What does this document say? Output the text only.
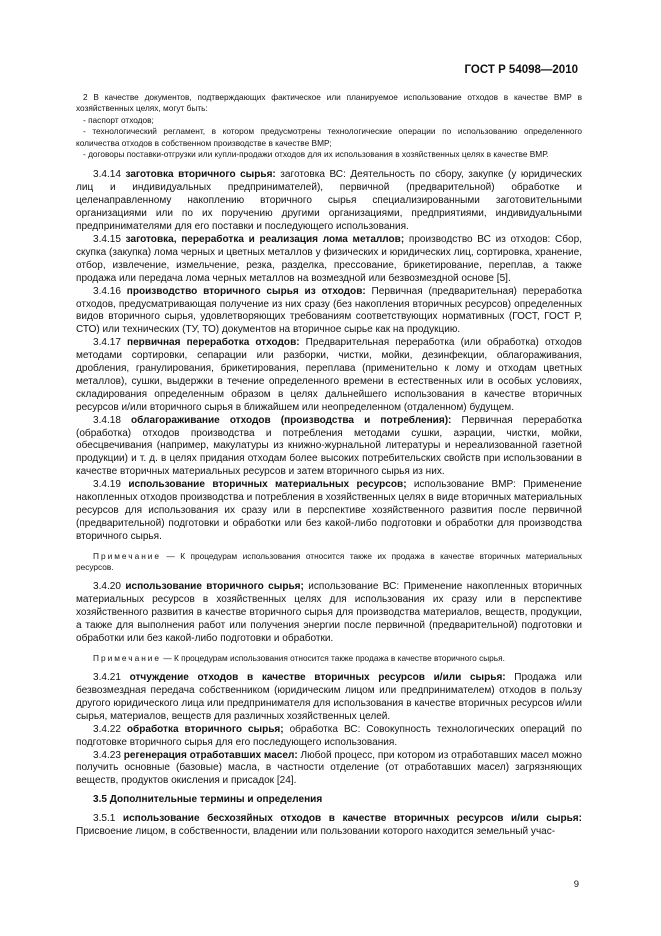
ГОСТ Р 54098—2010

2 В качестве документов, подтверждающих фактическое или планируемое использование отходов в качестве ВМР в хозяйственных целях, могут быть:

- паспорт отходов;

- технологический регламент, в котором предусмотрены технологические операции по использованию определенного количества отходов в собственном производстве в качестве ВМР;

- договоры поставки-отгрузки или купли-продажи отходов для их использования в хозяйственных целях в качестве ВМР.

3.4.14 заготовка вторичного сырья: заготовка ВС: Деятельность по сбору, закупке (у юридических лиц и индивидуальных предпринимателей), первичной (предварительной) обработке и целенаправленному накоплению вторичного сырья специализированными заготовительными организациями или по их поручению другими организациями, предприятиями, индивидуальными предпринимателями для его поставки и последующего использования.

3.4.15 заготовка, переработка и реализация лома металлов; производство ВС из отходов: Сбор, скупка (закупка) лома черных и цветных металлов у физических и юридических лиц, сортировка, хранение, отбор, извлечение, измельчение, резка, разделка, прессование, брикетирование, переплав, а также продажа или передача лома черных металлов на возмездной или безвозмездной основе [5].

3.4.16 производство вторичного сырья из отходов: Первичная (предварительная) переработка отходов, предусматривающая получение из них сразу (без накопления вторичных ресурсов) определенных видов вторичного сырья, удовлетворяющих требованиям соответствующих нормативных (ГОСТ, ГОСТ Р, СТО) или технических (ТУ, ТО) документов на вторичное сырье как на продукцию.

3.4.17 первичная переработка отходов: Предварительная переработка (или обработка) отходов методами сортировки, сепарации или разборки, чистки, мойки, дезинфекции, облагораживания, дробления, гранулирования, брикетирования, переплава (применительно к лому и отходам цветных металлов), сушки, выдержки в течение определенного времени в естественных или в особых условиях, складирования определенным образом в целях дальнейшего использования в качестве вторичных ресурсов и/или вторичного сырья в ближайшем или неопределенном (отдаленном) будущем.

3.4.18 облагораживание отходов (производства и потребления): Первичная переработка (обработка) отходов производства и потребления методами сушки, аэрации, чистки, мойки, обесцвечивания (например, макулатуры из книжно-журнальной литературы и нереализованной газетной продукции) и т. д. в целях придания отходам более высоких потребительских свойств при использовании в качестве вторичных материальных ресурсов и затем вторичного сырья из них.

3.4.19 использование вторичных материальных ресурсов; использование ВМР: Применение накопленных отходов производства и потребления в хозяйственных целях в виде вторичных материальных ресурсов для использования их сразу или в перспективе хозяйственного развития после первичной (предварительной) подготовки и обработки или без какой-либо подготовки и обработки для производства вторичного сырья.

Примечание — К процедурам использования относится также их продажа в качестве вторичных материальных ресурсов.

3.4.20 использование вторичного сырья; использование ВС: Применение накопленных вторичных материальных ресурсов в хозяйственных целях для использования их сразу или в перспективе хозяйственного развития в качестве вторичного сырья для производства материалов, веществ, продукции, а также для выполнения работ или получения энергии после первичной (предварительной) подготовки и обработки или без какой-либо подготовки и обработки.

Примечание — К процедурам использования относится также продажа в качестве вторичного сырья.

3.4.21 отчуждение отходов в качестве вторичных ресурсов и/или сырья: Продажа или безвозмездная передача собственником (юридическим лицом или предпринимателем) отходов в пользу другого юридического лица или предпринимателя для использования в качестве вторичных ресурсов и/или сырья, материалов, веществ для различных хозяйственных целей.

3.4.22 обработка вторичного сырья; обработка ВС: Совокупность технологических операций по подготовке вторичного сырья для его последующего использования.

3.4.23 регенерация отработавших масел: Любой процесс, при котором из отработавших масел можно получить основные (базовые) масла, в частности отделение (от отработавших масел) загрязняющих веществ, продуктов окисления и присадок [24].

3.5 Дополнительные термины и определения

3.5.1 использование бесхозяйных отходов в качестве вторичных ресурсов и/или сырья: Присвоение лицом, в собственности, владении или пользовании которого находится земельный учас-

9
